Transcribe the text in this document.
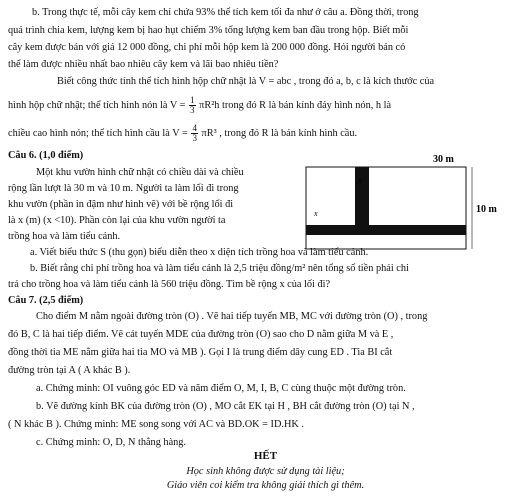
b. Trong thực tế, mỗi cây kem chỉ chứa 93% thể tích kem tối đa như ở câu a. Đồng thời, trong
quá trình chia kem, lượng kem bị hao hụt chiếm 3% tổng lượng kem ban đầu trong hộp. Biết mỗi
cây kem được bán với giá 12 000 đồng, chi phí mỗi hộp kem là 200 000 đồng. Hỏi người bán có
thể làm được nhiều nhất bao nhiêu cây kem và lãi bao nhiêu tiền?
Biết công thức tính thể tích hình hộp chữ nhật là V = abc , trong đó a, b, c là kích thước của
hình hộp chữ nhật; thể tích hình nón là $V = \frac{1}{3} \pi R^2h$ trong đó R là bán kính đáy hình nón, h là
chiều cao hình nón; thể tích hình cầu là $V = \frac{4}{3} \pi R^3$ , trong đó R là bán kính hình cầu.
Câu 6. (1,0 điểm)
Một khu vườn hình chữ nhật có chiều dài và chiều
rộng lần lượt là 30 m và 10 m. Người ta làm lối đi trong
khu vườn (phần in đậm như hình vẽ) với bề rộng lối đi
là x (m) (x <10). Phần còn lại của khu vườn người ta
trồng hoa và làm tiểu cảnh.
30 m
x
x	10 m
a. Viết biểu thức S (thu gọn) biểu diễn theo x diện tích trồng hoa và làm tiểu cảnh.
b. Biết rằng chi phí trồng hoa và làm tiểu cảnh là 2,5 triệu đồng/m² nên tổng số tiền phải chi
trả cho trồng hoa và làm tiểu cảnh là 560 triệu đồng. Tìm bề rộng x của lối đi?
Câu 7. (2,5 điểm)
Cho điểm M nằm ngoài đường tròn (O) . Vẽ hai tiếp tuyến MB, MC với đường tròn (O) , trong
đó B, C là hai tiếp điểm. Vẽ cát tuyến MDE của đường tròn (O) sao cho D nằm giữa M và E ,
đồng thời tia ME nằm giữa hai tia MO và MB ). Gọi I là trung điểm dây cung ED . Tia BI cắt
đường tròn tại A ( A khác B ).
a. Chứng minh: OI vuông góc ED và năm điểm O, M, I, B, C cùng thuộc một đường tròn.
b. Vẽ đường kính BK của đường tròn (O) , MO cắt EK tại H , BH cắt đường tròn (O) tại N ,
( N khác B ). Chứng minh: ME song song với AC và BD.OK = ID.HK .
c. Chứng minh: O, D, N thẳng hàng.
HẾT
Học sinh không được sử dụng tài liệu;
Giáo viên coi kiểm tra không giải thích gì thêm.
